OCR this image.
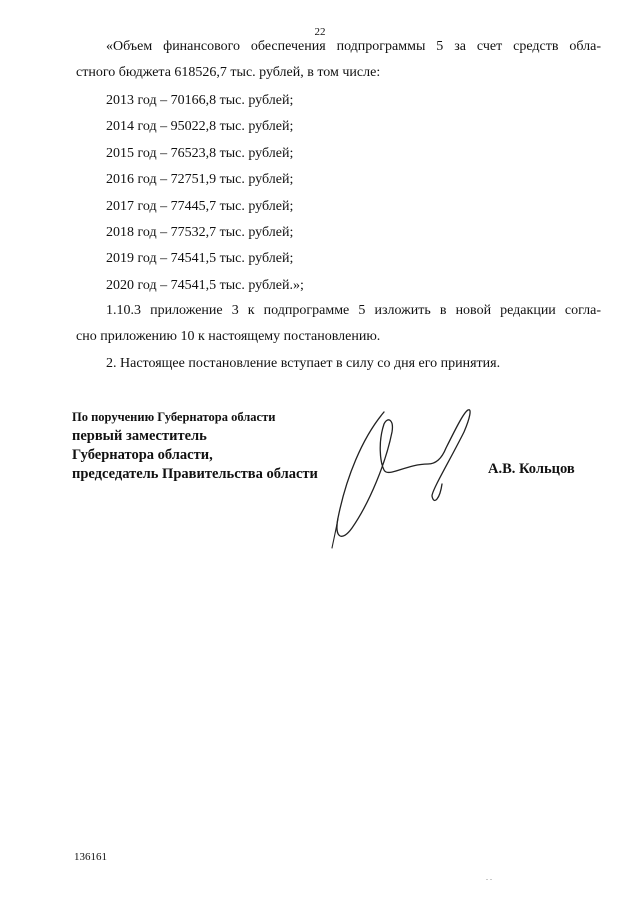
22
«Объем финансового обеспечения подпрограммы 5 за счет средств обла-
стного бюджета 618526,7 тыс. рублей, в том числе:
2013 год – 70166,8 тыс. рублей;
2014 год – 95022,8 тыс. рублей;
2015 год – 76523,8 тыс. рублей;
2016 год – 72751,9 тыс. рублей;
2017 год – 77445,7 тыс. рублей;
2018 год – 77532,7 тыс. рублей;
2019 год – 74541,5 тыс. рублей;
2020 год – 74541,5 тыс. рублей.»;
1.10.3 приложение 3 к подпрограмме 5 изложить в новой редакции согла-
сно приложению 10 к настоящему постановлению.
2. Настоящее постановление вступает в силу со дня его принятия.
По поручению Губернатора области
первый заместитель
Губернатора области,
председатель Правительства области	А.В. Кольцов
136161
. .
